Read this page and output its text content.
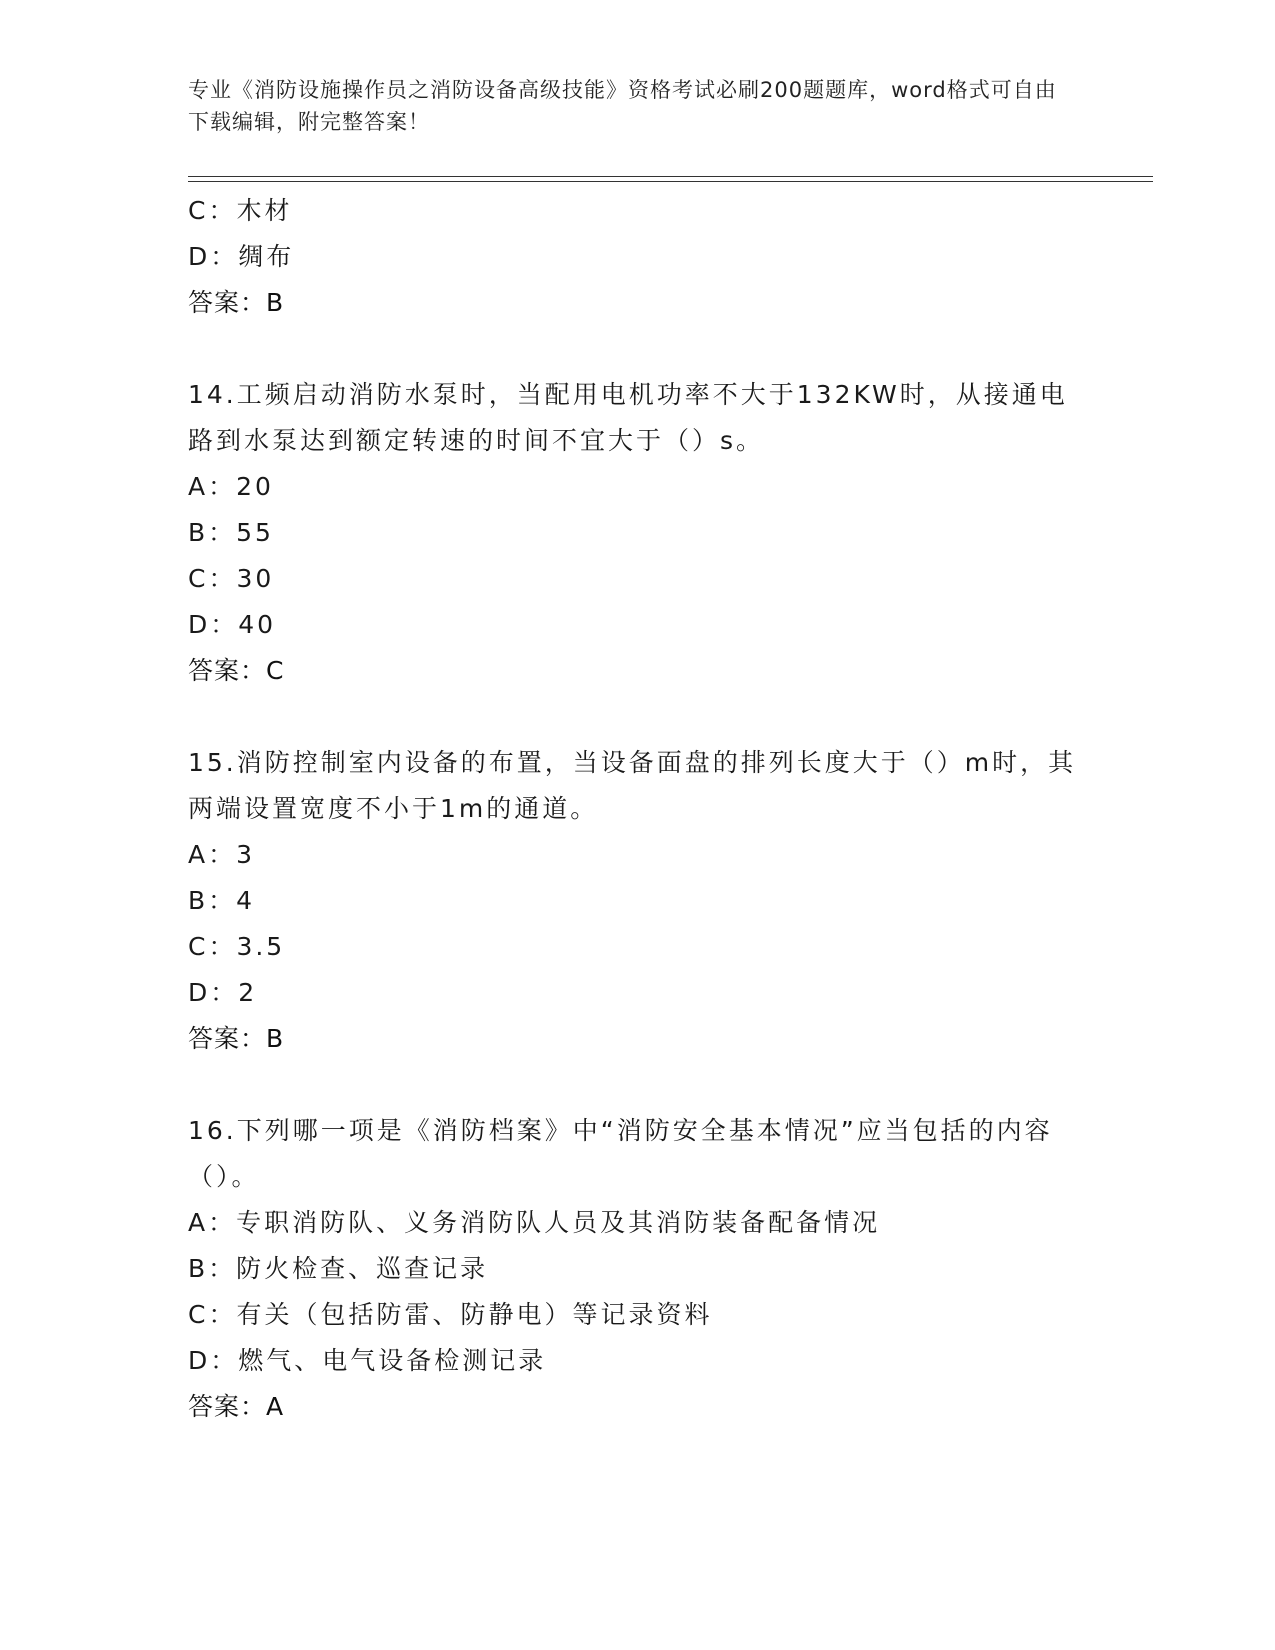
专业《消防设施操作员之消防设备高级技能》资格考试必刷200题题库，word格式可自由下载编辑，附完整答案！
C：木材
D：绸布
答案：B
14.工频启动消防水泵时，当配用电机功率不大于132KW时，从接通电路到水泵达到额定转速的时间不宜大于（）s。
A：20
B：55
C：30
D：40
答案：C
15.消防控制室内设备的布置，当设备面盘的排列长度大于（）m时，其两端设置宽度不小于1m的通道。
A：3
B：4
C：3.5
D：2
答案：B
16.下列哪一项是《消防档案》中“消防安全基本情况”应当包括的内容（）。
A：专职消防队、义务消防队人员及其消防装备配备情况
B：防火检查、巡查记录
C：有关（包括防雷、防静电）等记录资料
D：燃气、电气设备检测记录
答案：A
